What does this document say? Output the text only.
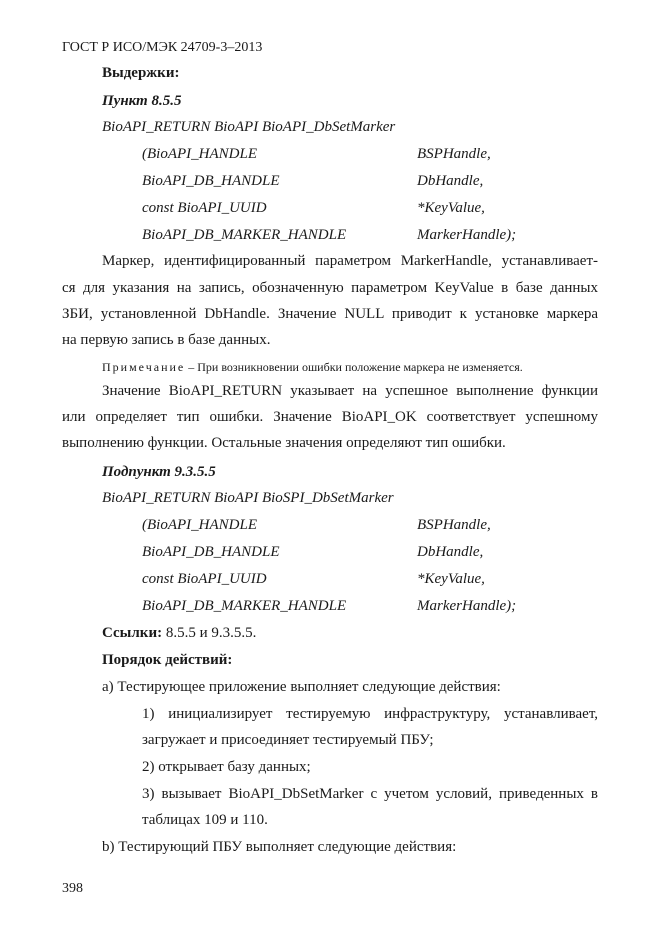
ГОСТ Р ИСО/МЭК 24709-3–2013
Выдержки:
Пункт 8.5.5
BioAPI_RETURN BioAPI BioAPI_DbSetMarker
(BioAPI_HANDLE	BSPHandle,
BioAPI_DB_HANDLE	DbHandle,
const BioAPI_UUID	*KeyValue,
BioAPI_DB_MARKER_HANDLE	MarkerHandle);
Маркер, идентифицированный параметром MarkerHandle, устанавливает-
ся для указания на запись, обозначенную параметром KeyValue в базе данных
ЗБИ, установленной DbHandle. Значение NULL приводит к установке маркера
на первую запись в базе данных.
Примечание – При возникновении ошибки положение маркера не изменяется.
Значение BioAPI_RETURN указывает на успешное выполнение функции
или определяет тип ошибки. Значение BioAPI_OK соответствует успешному
выполнению функции. Остальные значения определяют тип ошибки.
Подпункт 9.3.5.5
BioAPI_RETURN BioAPI BioSPI_DbSetMarker
(BioAPI_HANDLE	BSPHandle,
BioAPI_DB_HANDLE	DbHandle,
const BioAPI_UUID	*KeyValue,
BioAPI_DB_MARKER_HANDLE	MarkerHandle);
Ссылки: 8.5.5 и 9.3.5.5.
Порядок действий:
a) Тестирующее приложение выполняет следующие действия:
1) инициализирует тестируемую инфраструктуру, устанавливает,
загружает и присоединяет тестируемый ПБУ;
2) открывает базу данных;
3) вызывает BioAPI_DbSetMarker с учетом условий, приведенных в
таблицах 109 и 110.
b) Тестирующий ПБУ выполняет следующие действия:
398
